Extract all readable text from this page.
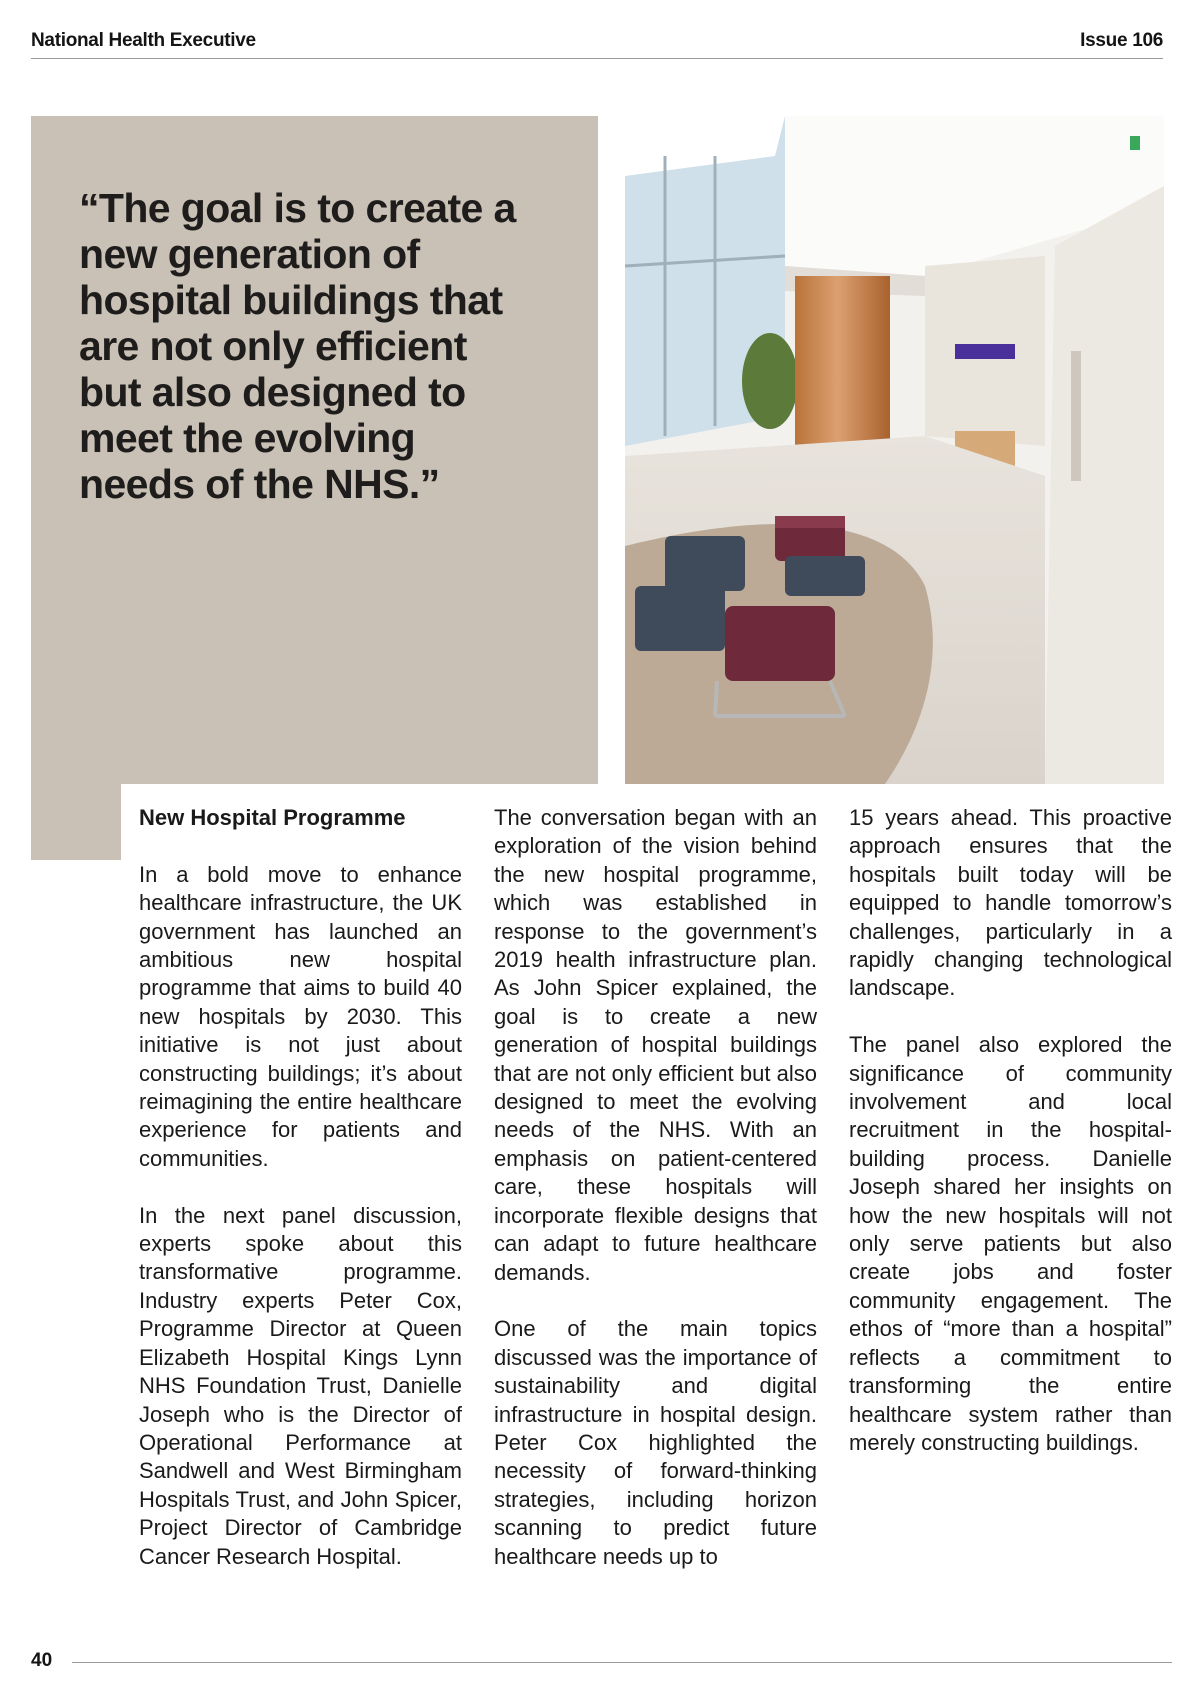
National Health Executive	Issue 106

“The goal is to create a new generation of hospital buildings that are not only efficient but also designed to meet the evolving needs of the NHS.”

New Hospital Programme

In a bold move to enhance healthcare infrastructure, the UK government has launched an ambitious new hospital programme that aims to build 40 new hospitals by 2030. This initiative is not just about constructing buildings; it’s about reimagining the entire healthcare experience for patients and communities.

In the next panel discussion, experts spoke about this transformative programme. Industry experts Peter Cox, Programme Director at Queen Elizabeth Hospital Kings Lynn NHS Foundation Trust, Danielle Joseph who is the Director of Operational Performance at Sandwell and West Birmingham Hospitals Trust, and John Spicer, Project Director of Cambridge Cancer Research Hospital.

The conversation began with an exploration of the vision behind the new hospital programme, which was established in response to the government’s 2019 health infrastructure plan. As John Spicer explained, the goal is to create a new generation of hospital buildings that are not only efficient but also designed to meet the evolving needs of the NHS. With an emphasis on patient-centered care, these hospitals will incorporate flexible designs that can adapt to future healthcare demands.

One of the main topics discussed was the importance of sustainability and digital infrastructure in hospital design. Peter Cox highlighted the necessity of forward-thinking strategies, including horizon scanning to predict future healthcare needs up to

15 years ahead. This proactive approach ensures that the hospitals built today will be equipped to handle tomorrow’s challenges, particularly in a rapidly changing technological landscape.

The panel also explored the significance of community involvement and local recruitment in the hospital-building process. Danielle Joseph shared her insights on how the new hospitals will not only serve patients but also create jobs and foster community engagement. The ethos of “more than a hospital” reflects a commitment to transforming the entire healthcare system rather than merely constructing buildings.

40
